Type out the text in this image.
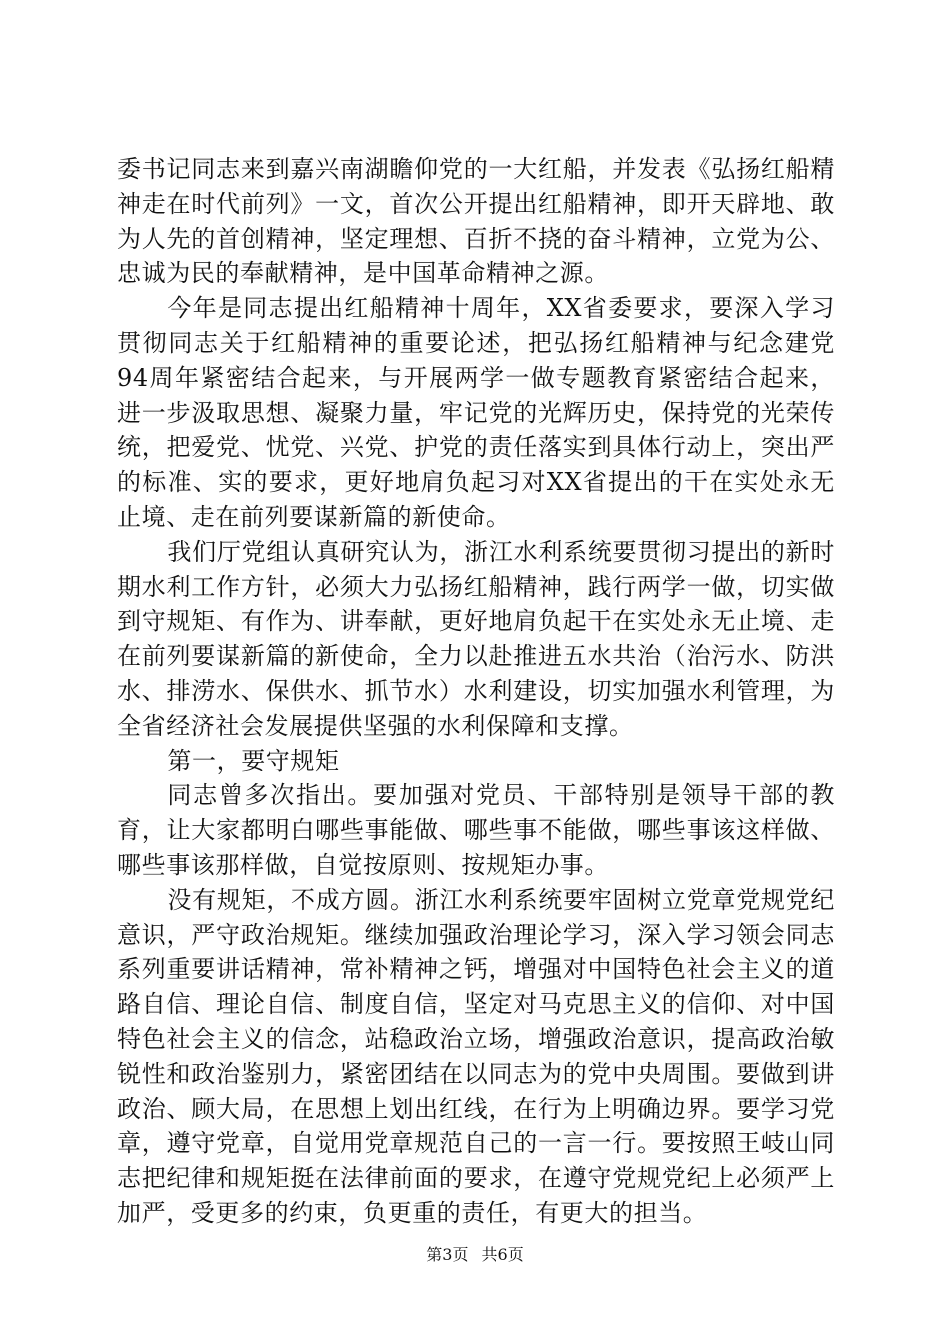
委书记同志来到嘉兴南湖瞻仰党的一大红船，并发表《弘扬红船精神走在时代前列》一文，首次公开提出红船精神，即开天辟地、敢为人先的首创精神，坚定理想、百折不挠的奋斗精神，立党为公、忠诚为民的奉献精神，是中国革命精神之源。

今年是同志提出红船精神十周年，XX省委要求，要深入学习贯彻同志关于红船精神的重要论述，把弘扬红船精神与纪念建党94周年紧密结合起来，与开展两学一做专题教育紧密结合起来，进一步汲取思想、凝聚力量，牢记党的光辉历史，保持党的光荣传统，把爱党、忧党、兴党、护党的责任落实到具体行动上，突出严的标准、实的要求，更好地肩负起习对XX省提出的干在实处永无止境、走在前列要谋新篇的新使命。

我们厅党组认真研究认为，浙江水利系统要贯彻习提出的新时期水利工作方针，必须大力弘扬红船精神，践行两学一做，切实做到守规矩、有作为、讲奉献，更好地肩负起干在实处永无止境、走在前列要谋新篇的新使命，全力以赴推进五水共治（治污水、防洪水、排涝水、保供水、抓节水）水利建设，切实加强水利管理，为全省经济社会发展提供坚强的水利保障和支撑。

第一，要守规矩

同志曾多次指出。要加强对党员、干部特别是领导干部的教育，让大家都明白哪些事能做、哪些事不能做，哪些事该这样做、哪些事该那样做，自觉按原则、按规矩办事。

没有规矩，不成方圆。浙江水利系统要牢固树立党章党规党纪意识，严守政治规矩。继续加强政治理论学习，深入学习领会同志系列重要讲话精神，常补精神之钙，增强对中国特色社会主义的道路自信、理论自信、制度自信，坚定对马克思主义的信仰、对中国特色社会主义的信念，站稳政治立场，增强政治意识，提高政治敏锐性和政治鉴别力，紧密团结在以同志为的党中央周围。要做到讲政治、顾大局，在思想上划出红线，在行为上明确边界。要学习党章，遵守党章，自觉用党章规范自己的一言一行。要按照王岐山同志把纪律和规矩挺在法律前面的要求，在遵守党规党纪上必须严上加严，受更多的约束，负更重的责任，有更大的担当。

第3页 共6页
